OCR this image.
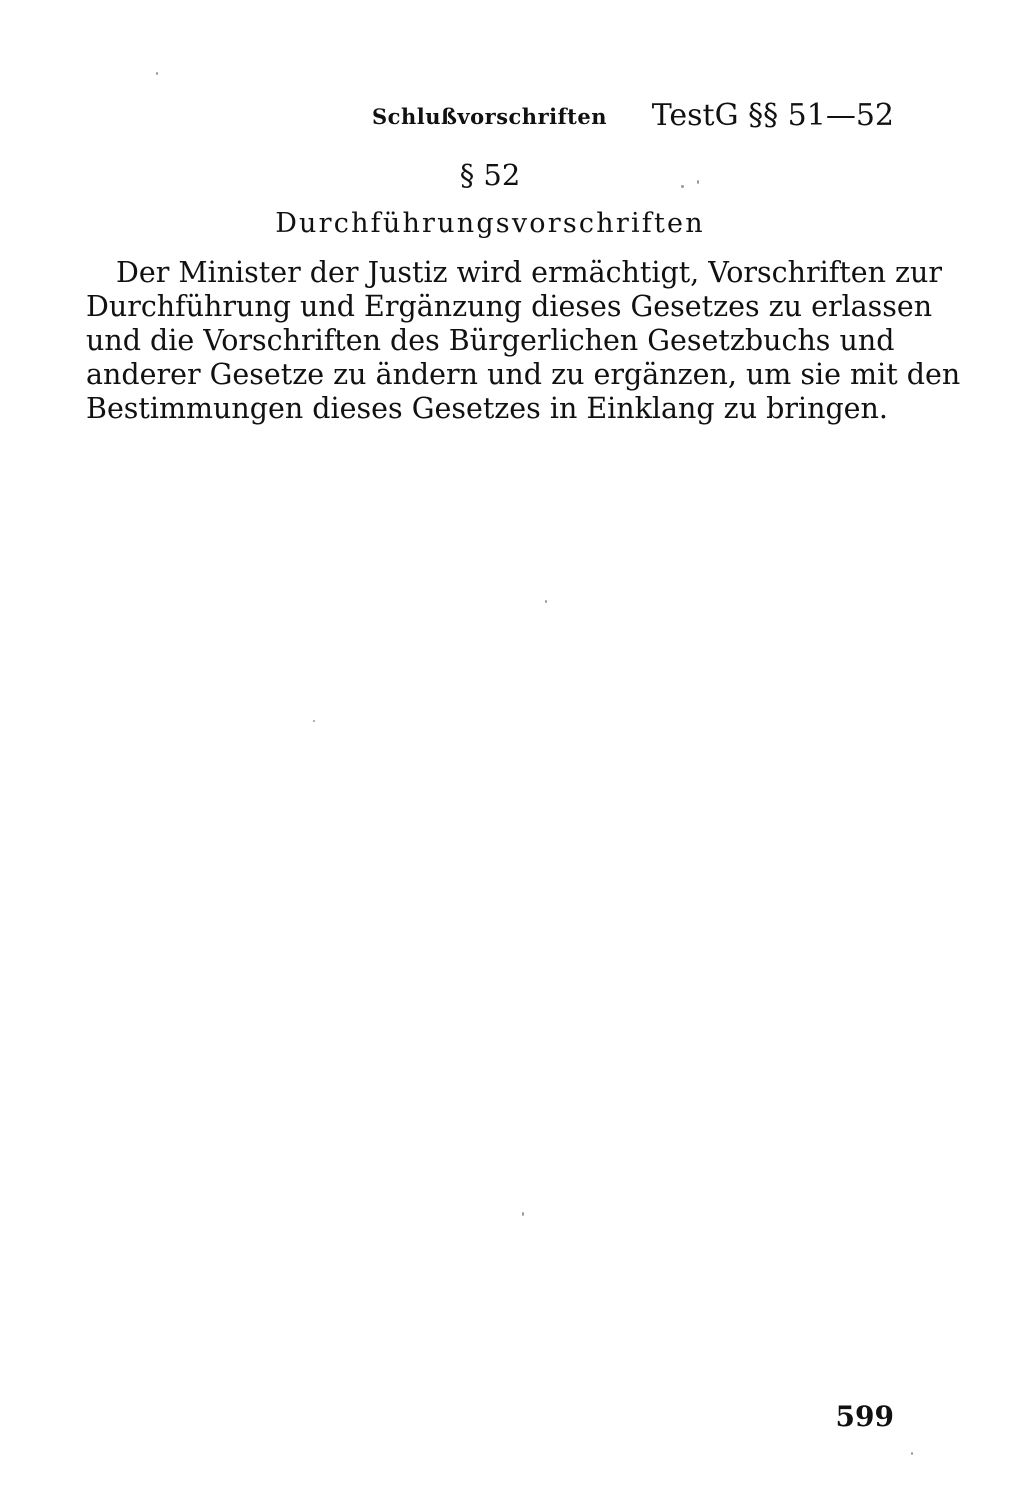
Schlußvorschriften TestG §§ 51—52
§ 52
Durchführungsvorschriften
Der Minister der Justiz wird ermächtigt, Vorschriften zur
Durchführung und Ergänzung dieses Gesetzes zu erlassen
und die Vorschriften des Bürgerlichen Gesetzbuchs und
anderer Gesetze zu ändern und zu ergänzen, um sie mit den
Bestimmungen dieses Gesetzes in Einklang zu bringen.
599
